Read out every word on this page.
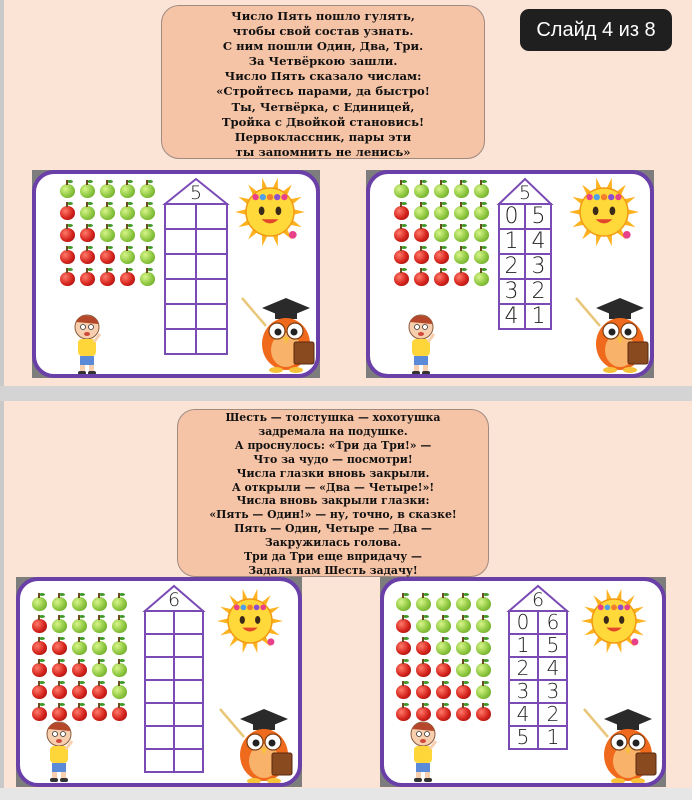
Число Пять пошло гулять,
чтобы свой состав узнать.
С ним пошли Один, Два, Три.
За Четвёркою зашли.
Число Пять сказало числам:
«Стройтесь парами, да быстро!
Ты, Четвёрка, с Единицей,
Тройка с Двойкой становись!
Первоклассник, пары эти
ты запомнить не ленись»
Слайд 4 из 8
5	5
0 5
1 4
2 3
3 2
4 1
Шесть — толстушка — хохотушка
задремала на подушке.
А проснулось: «Три да Три!» —
Что за чудо — посмотри!
Числа глазки вновь закрыли.
А открыли — «Два — Четыре!»!
Числа вновь закрыли глазки:
«Пять — Один!» — ну, точно, в сказке!
Пять — Один, Четыре — Два —
Закружилась голова.
Три да Три еще впридачу —
Задала нам Шесть задачу!
6	6
0 6
1 5
2 4
3 3
4 2
5 1
